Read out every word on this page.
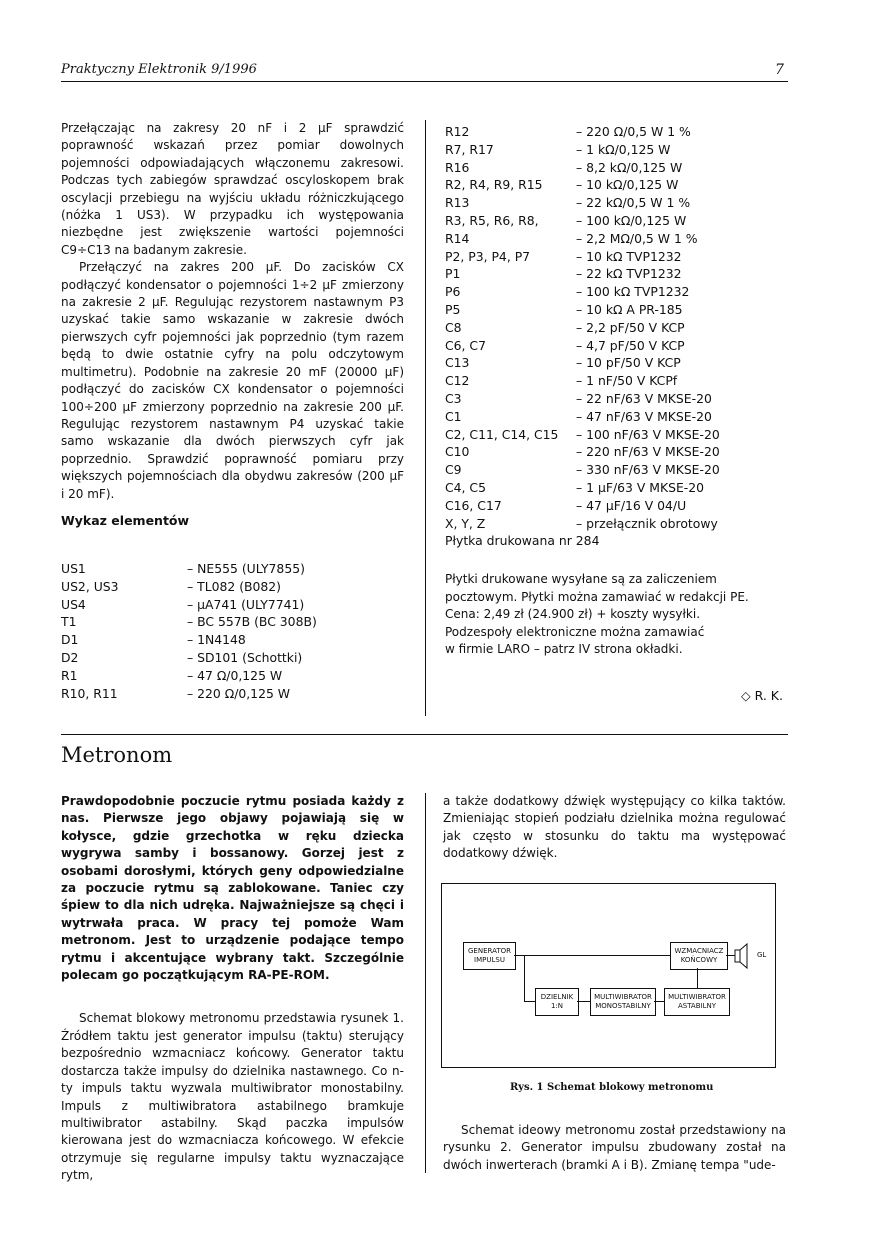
Praktyczny Elektronik 9/1996	7

Przełączając na zakresy 20 nF i 2 μF sprawdzić poprawność wskazań przez pomiar dowolnych pojemności odpowiadających włączonemu zakresowi. Podczas tych zabiegów sprawdzać oscyloskopem brak oscylacji przebiegu na wyjściu układu różniczkującego (nóżka 1 US3). W przypadku ich występowania niezbędne jest zwiększenie wartości pojemności C9÷C13 na badanym zakresie.

Przełączyć na zakres 200 μF. Do zacisków CX podłączyć kondensator o pojemności 1÷2 μF zmierzony na zakresie 2 μF. Regulując rezystorem nastawnym P3 uzyskać takie samo wskazanie w zakresie dwóch pierwszych cyfr pojemności jak poprzednio (tym razem będą to dwie ostatnie cyfry na polu odczytowym multimetru). Podobnie na zakresie 20 mF (20000 μF) podłączyć do zacisków CX kondensator o pojemności 100÷200 μF zmierzony poprzednio na zakresie 200 μF. Regulując rezystorem nastawnym P4 uzyskać takie samo wskazanie dla dwóch pierwszych cyfr jak poprzednio. Sprawdzić poprawność pomiaru przy większych pojemnościach dla obydwu zakresów (200 μF i 20 mF).

Wykaz elementów
US1	– NE555 (ULY7855)
US2, US3	– TL082 (B082)
US4	– μA741 (ULY7741)
T1	– BC 557B (BC 308B)
D1	– 1N4148
D2	– SD101 (Schottki)
R1	– 47 Ω/0,125 W
R10, R11	– 220 Ω/0,125 W
R12	– 220 Ω/0,5 W 1 %
R7, R17	– 1 kΩ/0,125 W
R16	– 8,2 kΩ/0,125 W
R2, R4, R9, R15	– 10 kΩ/0,125 W
R13	– 22 kΩ/0,5 W 1 %
R3, R5, R6, R8,	– 100 kΩ/0,125 W
R14	– 2,2 MΩ/0,5 W 1 %
P2, P3, P4, P7	– 10 kΩ TVP1232
P1	– 22 kΩ TVP1232
P6	– 100 kΩ TVP1232
P5	– 10 kΩ A PR-185
C8	– 2,2 pF/50 V KCP
C6, C7	– 4,7 pF/50 V KCP
C13	– 10 pF/50 V KCP
C12	– 1 nF/50 V KCPf
C3	– 22 nF/63 V MKSE-20
C1	– 47 nF/63 V MKSE-20
C2, C11, C14, C15	– 100 nF/63 V MKSE-20
C10	– 220 nF/63 V MKSE-20
C9	– 330 nF/63 V MKSE-20
C4, C5	– 1 μF/63 V MKSE-20
C16, C17	– 47 μF/16 V 04/U
X, Y, Z	– przełącznik obrotowy
Płytka drukowana nr 284
Płytki drukowane wysyłane są za zaliczeniem
pocztowym. Płytki można zamawiać w redakcji PE.
Cena: 2,49 zł (24.900 zł) + koszty wysyłki.
Podzespoły elektroniczne można zamawiać
w firmie LARO – patrz IV strona okładki.
◇ R. K.
Metronom

Prawdopodobnie poczucie rytmu posiada każdy z nas. Pierwsze jego objawy pojawiają się w kołysce, gdzie grzechotka w ręku dziecka wygrywa samby i bossanowy. Gorzej jest z osobami dorosłymi, których geny odpowiedzialne za poczucie rytmu są zablokowane. Taniec czy śpiew to dla nich udręka. Najważniejsze są chęci i wytrwała praca. W pracy tej pomoże Wam metronom. Jest to urządzenie podające tempo rytmu i akcentujące wybrany takt. Szczególnie polecam go początkującym RA-PE-ROM.

Schemat blokowy metronomu przedstawia rysunek 1. Źródłem taktu jest generator impulsu (taktu) sterujący bezpośrednio wzmacniacz końcowy. Generator taktu dostarcza także impulsy do dzielnika nastawnego. Co n-ty impuls taktu wyzwala multiwibrator monostabilny. Impuls z multiwibratora astabilnego bramkuje multiwibrator astabilny. Skąd paczka impulsów kierowana jest do wzmacniacza końcowego. W efekcie otrzymuje się regularne impulsy taktu wyznaczające rytm,

a także dodatkowy dźwięk występujący co kilka taktów. Zmieniając stopień podziału dzielnika można regulować jak często w stosunku do taktu ma występować dodatkowy dźwięk.

GENERATOR
IMPULSU
WZMACNIACZ
KOŃCOWY
DZIELNIK
1:N
MULTIWIBRATOR
MONOSTABILNY
MULTIWIBRATOR
ASTABILNY
GL
Rys. 1 Schemat blokowy metronomu

Schemat ideowy metronomu został przedstawiony na rysunku 2. Generator impulsu zbudowany został na dwóch inwerterach (bramki A i B). Zmianę tempa "ude-
